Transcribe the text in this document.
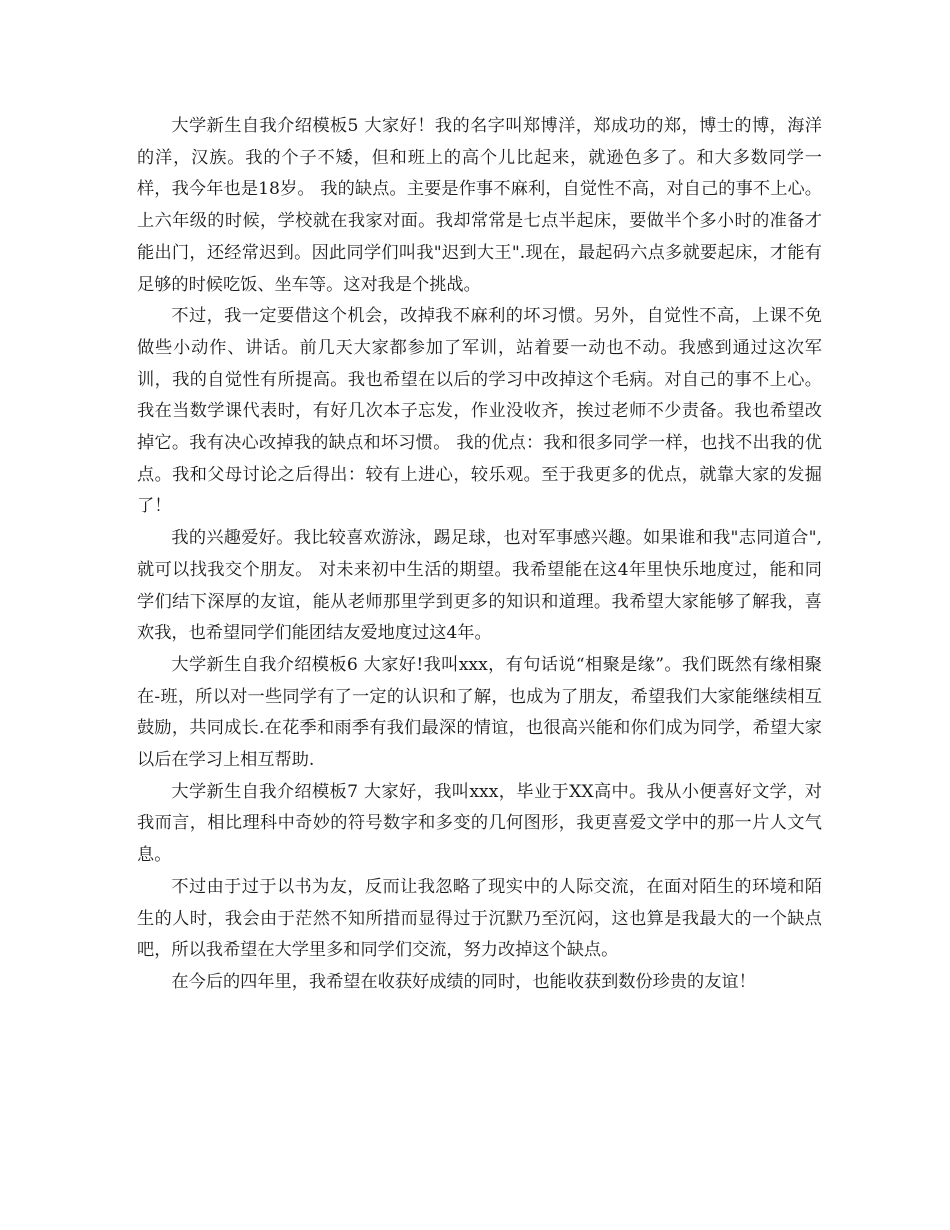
大学新生自我介绍模板5 大家好！我的名字叫郑博洋，郑成功的郑，博士的博，海洋的洋，汉族。我的个子不矮，但和班上的高个儿比起来，就逊色多了。和大多数同学一样，我今年也是18岁。 我的缺点。主要是作事不麻利，自觉性不高，对自己的事不上心。上六年级的时候，学校就在我家对面。我却常常是七点半起床，要做半个多小时的准备才能出门，还经常迟到。因此同学们叫我"迟到大王".现在，最起码六点多就要起床，才能有足够的时候吃饭、坐车等。这对我是个挑战。

不过，我一定要借这个机会，改掉我不麻利的坏习惯。另外，自觉性不高，上课不免做些小动作、讲话。前几天大家都参加了军训，站着要一动也不动。我感到通过这次军训，我的自觉性有所提高。我也希望在以后的学习中改掉这个毛病。对自己的事不上心。我在当数学课代表时，有好几次本子忘发，作业没收齐，挨过老师不少责备。我也希望改掉它。我有决心改掉我的缺点和坏习惯。 我的优点：我和很多同学一样，也找不出我的优点。我和父母讨论之后得出：较有上进心，较乐观。至于我更多的优点，就靠大家的发掘了！

我的兴趣爱好。我比较喜欢游泳，踢足球，也对军事感兴趣。如果谁和我"志同道合",就可以找我交个朋友。 对未来初中生活的期望。我希望能在这4年里快乐地度过，能和同学们结下深厚的友谊，能从老师那里学到更多的知识和道理。我希望大家能够了解我，喜欢我，也希望同学们能团结友爱地度过这4年。

大学新生自我介绍模板6 大家好!我叫xxx，有句话说“相聚是缘”。我们既然有缘相聚在-班，所以对一些同学有了一定的认识和了解，也成为了朋友，希望我们大家能继续相互鼓励，共同成长.在花季和雨季有我们最深的情谊，也很高兴能和你们成为同学，希望大家以后在学习上相互帮助.

大学新生自我介绍模板7 大家好，我叫xxx，毕业于XX高中。我从小便喜好文学，对我而言，相比理科中奇妙的符号数字和多变的几何图形，我更喜爱文学中的那一片人文气息。

不过由于过于以书为友，反而让我忽略了现实中的人际交流，在面对陌生的环境和陌生的人时，我会由于茫然不知所措而显得过于沉默乃至沉闷，这也算是我最大的一个缺点吧，所以我希望在大学里多和同学们交流，努力改掉这个缺点。

在今后的四年里，我希望在收获好成绩的同时，也能收获到数份珍贵的友谊！
